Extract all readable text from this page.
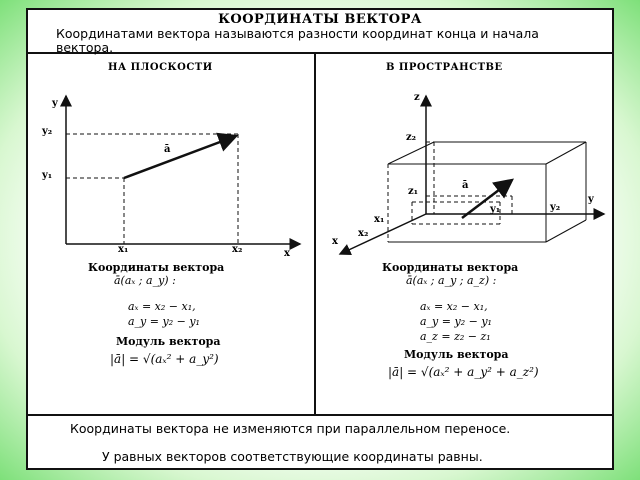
КООРДИНАТЫ ВЕКТОРА
Координатами вектора называются разности координат конца и начала вектора.
НА ПЛОСКОСТИ
y
x
y₂
y₁
x₁	x₂
ā
Координаты вектора
ā(aₓ ; a_y) :
aₓ = x₂ − x₁,
a_y = y₂ − y₁
Модуль вектора
|ā| = √(aₓ² + a_y²)
В ПРОСТРАНСТВЕ
z
y
x
z₂
z₁
y₁	y₂
x₁
x₂
ā
Координаты вектора
ā(aₓ ; a_y ; a_z) :
aₓ = x₂ − x₁,
a_y = y₂ − y₁
a_z = z₂ − z₁
Модуль вектора
|ā| = √(aₓ² + a_y² + a_z²)
Координаты вектора не изменяются при параллельном переносе.
У равных векторов соответствующие координаты равны.
